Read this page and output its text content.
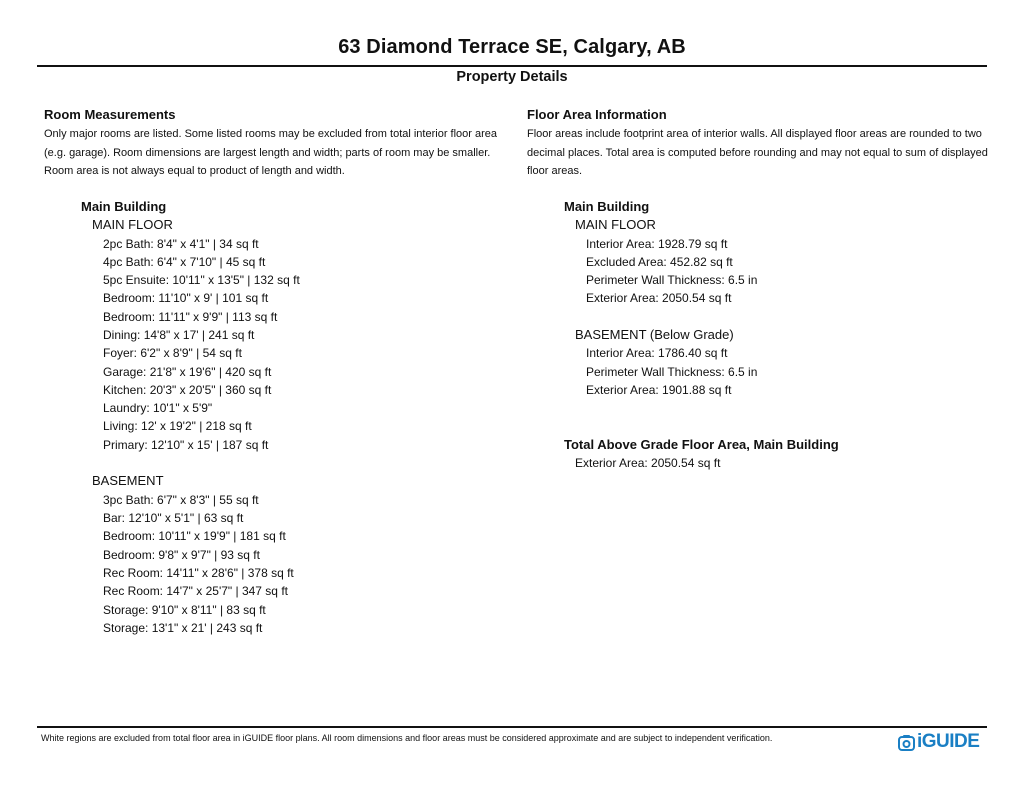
63 Diamond Terrace SE, Calgary, AB
Property Details
Room Measurements
Only major rooms are listed. Some listed rooms may be excluded from total interior floor area (e.g. garage). Room dimensions are largest length and width; parts of room may be smaller. Room area is not always equal to product of length and width.
Main Building
MAIN FLOOR
2pc Bath: 8'4" x 4'1" | 34 sq ft
4pc Bath: 6'4" x 7'10" | 45 sq ft
5pc Ensuite: 10'11" x 13'5" | 132 sq ft
Bedroom: 11'10" x 9' | 101 sq ft
Bedroom: 11'11" x 9'9" | 113 sq ft
Dining: 14'8" x 17' | 241 sq ft
Foyer: 6'2" x 8'9" | 54 sq ft
Garage: 21'8" x 19'6" | 420 sq ft
Kitchen: 20'3" x 20'5" | 360 sq ft
Laundry: 10'1" x 5'9"
Living: 12' x 19'2" | 218 sq ft
Primary: 12'10" x 15' | 187 sq ft
BASEMENT
3pc Bath: 6'7" x 8'3" | 55 sq ft
Bar: 12'10" x 5'1" | 63 sq ft
Bedroom: 10'11" x 19'9" | 181 sq ft
Bedroom: 9'8" x 9'7" | 93 sq ft
Rec Room: 14'11" x 28'6" | 378 sq ft
Rec Room: 14'7" x 25'7" | 347 sq ft
Storage: 9'10" x 8'11" | 83 sq ft
Storage: 13'1" x 21' | 243 sq ft
Floor Area Information
Floor areas include footprint area of interior walls. All displayed floor areas are rounded to two decimal places. Total area is computed before rounding and may not equal to sum of displayed floor areas.
Main Building
MAIN FLOOR
Interior Area: 1928.79 sq ft
Excluded Area: 452.82 sq ft
Perimeter Wall Thickness: 6.5 in
Exterior Area: 2050.54 sq ft
BASEMENT (Below Grade)
Interior Area: 1786.40 sq ft
Perimeter Wall Thickness: 6.5 in
Exterior Area: 1901.88 sq ft
Total Above Grade Floor Area, Main Building
Exterior Area: 2050.54 sq ft
White regions are excluded from total floor area in iGUIDE floor plans. All room dimensions and floor areas must be considered approximate and are subject to independent verification.	iGUIDE
